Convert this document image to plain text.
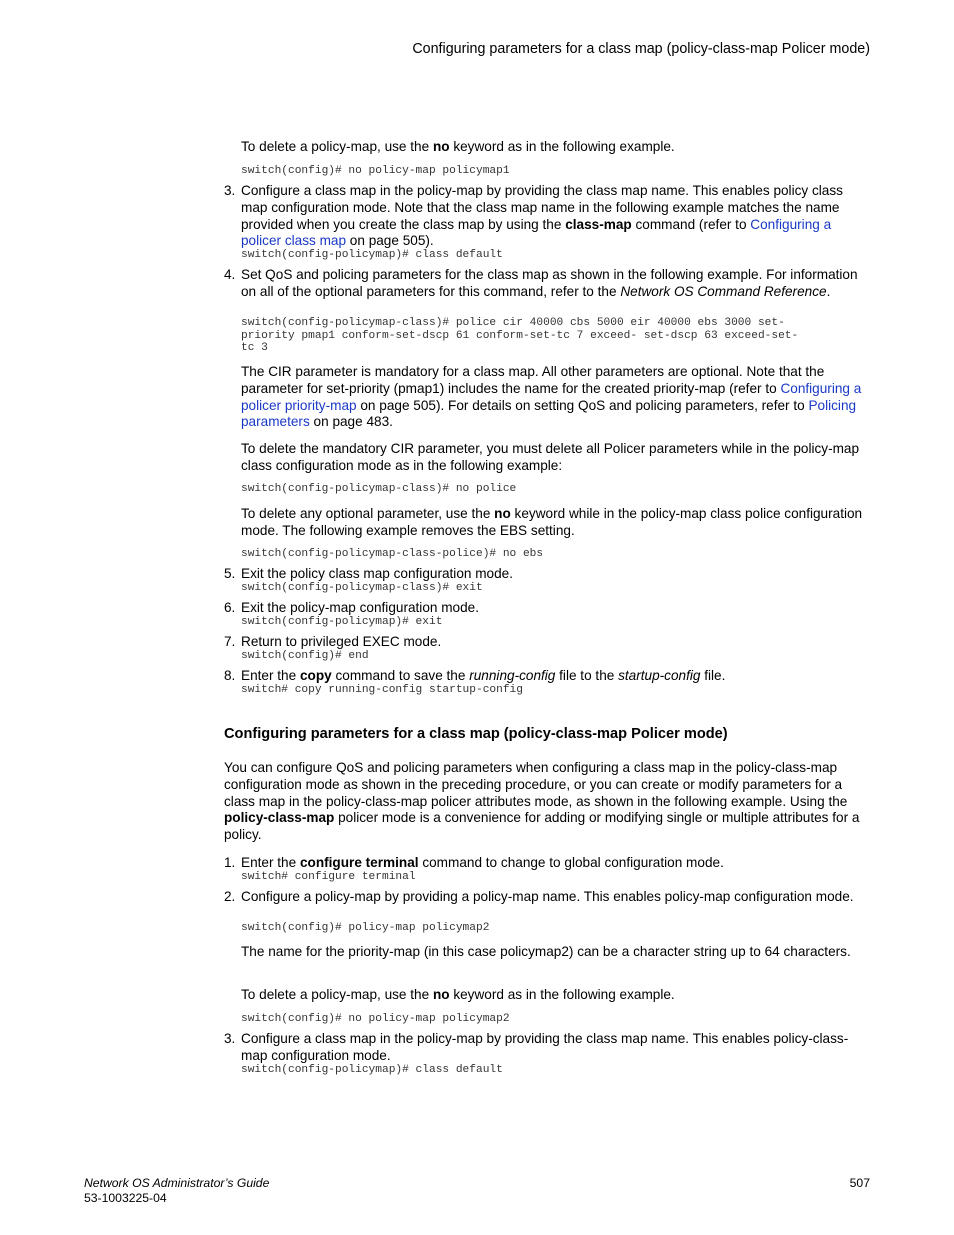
Configuring parameters for a class map (policy-class-map Policer mode)
To delete a policy-map, use the no keyword as in the following example.
switch(config)# no policy-map policymap1
3. Configure a class map in the policy-map by providing the class map name. This enables policy class map configuration mode. Note that the class map name in the following example matches the name provided when you create the class map by using the class-map command (refer to Configuring a policer class map on page 505).
switch(config-policymap)# class default
4. Set QoS and policing parameters for the class map as shown in the following example. For information on all of the optional parameters for this command, refer to the Network OS Command Reference.
switch(config-policymap-class)# police cir 40000 cbs 5000 eir 40000 ebs 3000 set-
priority pmap1 conform-set-dscp 61 conform-set-tc 7 exceed- set-dscp 63 exceed-set-
tc 3
The CIR parameter is mandatory for a class map. All other parameters are optional. Note that the parameter for set-priority (pmap1) includes the name for the created priority-map (refer to Configuring a policer priority-map on page 505). For details on setting QoS and policing parameters, refer to Policing parameters on page 483.
To delete the mandatory CIR parameter, you must delete all Policer parameters while in the policy-map class configuration mode as in the following example:
switch(config-policymap-class)# no police
To delete any optional parameter, use the no keyword while in the policy-map class police configuration mode. The following example removes the EBS setting.
switch(config-policymap-class-police)# no ebs
5. Exit the policy class map configuration mode.
switch(config-policymap-class)# exit
6. Exit the policy-map configuration mode.
switch(config-policymap)# exit
7. Return to privileged EXEC mode.
switch(config)# end
8. Enter the copy command to save the running-config file to the startup-config file.
switch# copy running-config startup-config
Configuring parameters for a class map (policy-class-map Policer mode)
You can configure QoS and policing parameters when configuring a class map in the policy-class-map configuration mode as shown in the preceding procedure, or you can create or modify parameters for a class map in the policy-class-map policer attributes mode, as shown in the following example. Using the policy-class-map policer mode is a convenience for adding or modifying single or multiple attributes for a policy.
1. Enter the configure terminal command to change to global configuration mode.
switch# configure terminal
2. Configure a policy-map by providing a policy-map name. This enables policy-map configuration mode.
switch(config)# policy-map policymap2
The name for the priority-map (in this case policymap2) can be a character string up to 64 characters.
To delete a policy-map, use the no keyword as in the following example.
switch(config)# no policy-map policymap2
3. Configure a class map in the policy-map by providing the class map name. This enables policy-class-map configuration mode.
switch(config-policymap)# class default
Network OS Administrator’s Guide
53-1003225-04
507
